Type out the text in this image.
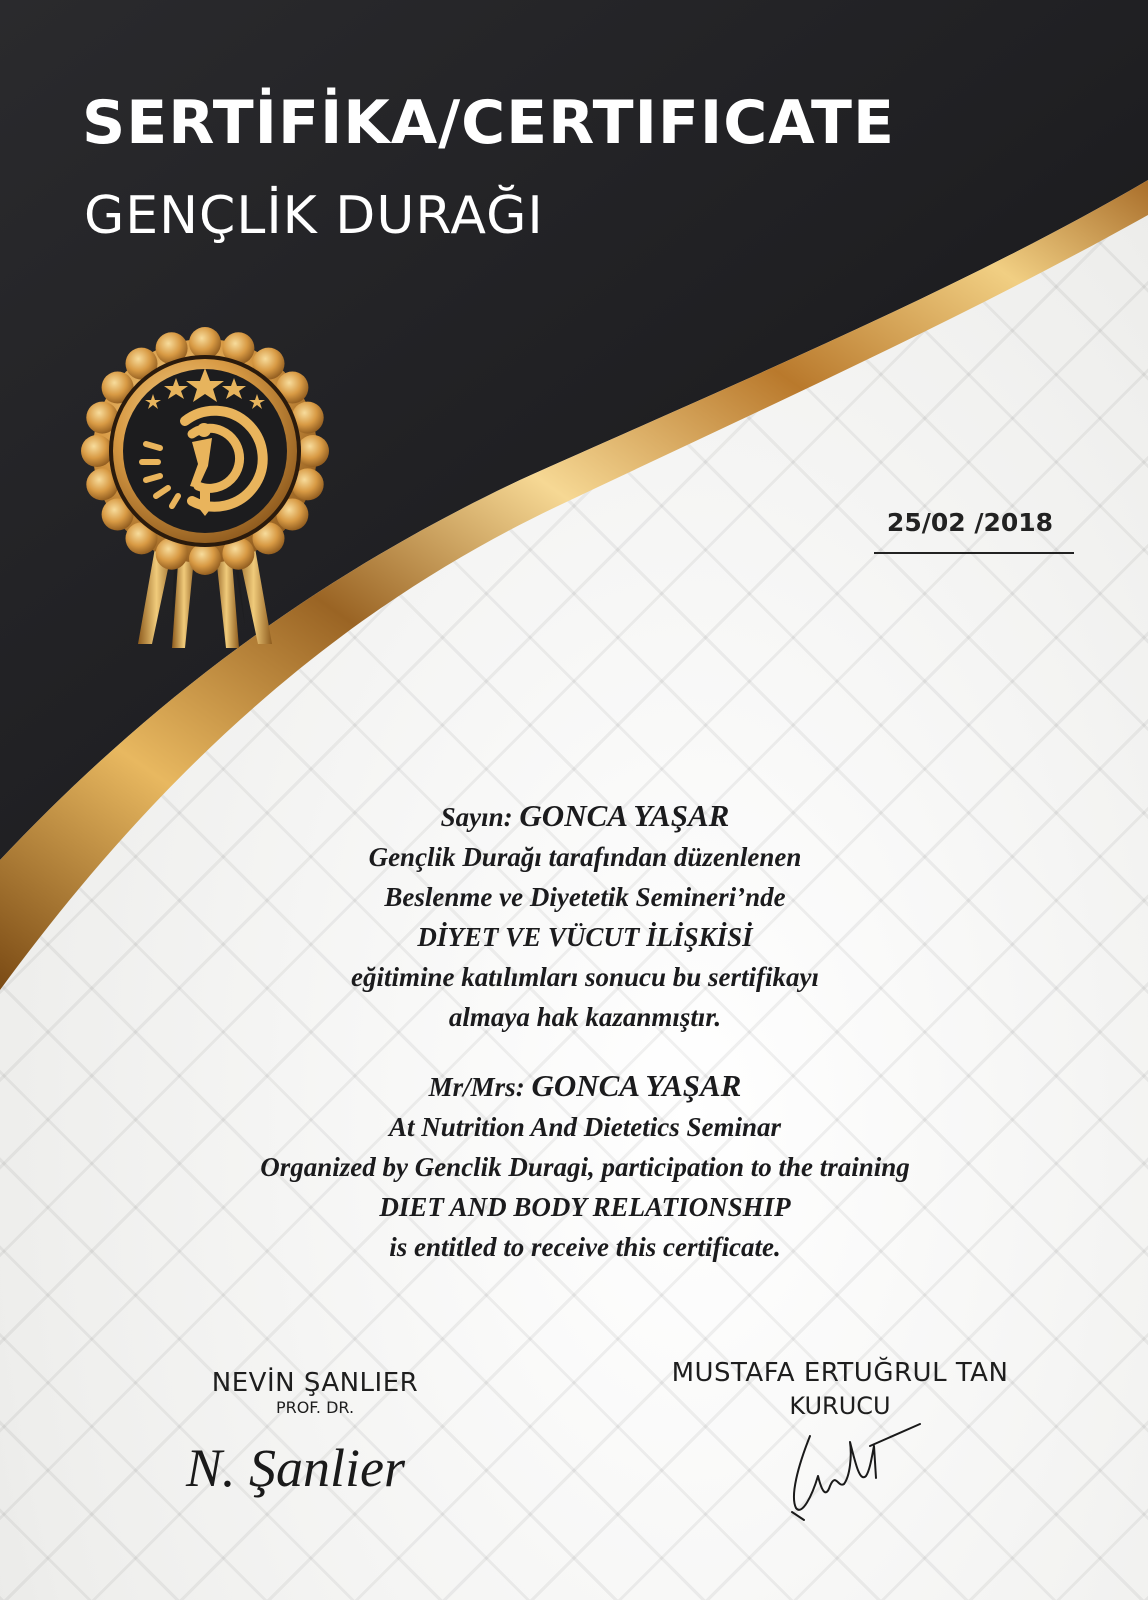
SERTİFİKA/CERTIFICATE
GENÇLİK DURAĞI
25/02 /2018
Sayın: GONCA YAŞAR
Gençlik Durağı tarafından düzenlenen
Beslenme ve Diyetetik Semineri’nde
DİYET VE VÜCUT İLİŞKİSİ
eğitimine katılımları sonucu bu sertifikayı
almaya hak kazanmıştır.
Mr/Mrs: GONCA YAŞAR
At Nutrition And Dietetics Seminar
Organized by Genclik Duragi, participation to the training
DIET AND BODY RELATIONSHIP
is entitled to receive this certificate.
NEVİN ŞANLIER
PROF. DR.
N. Şanlier
MUSTAFA ERTUĞRUL TAN
KURUCU
